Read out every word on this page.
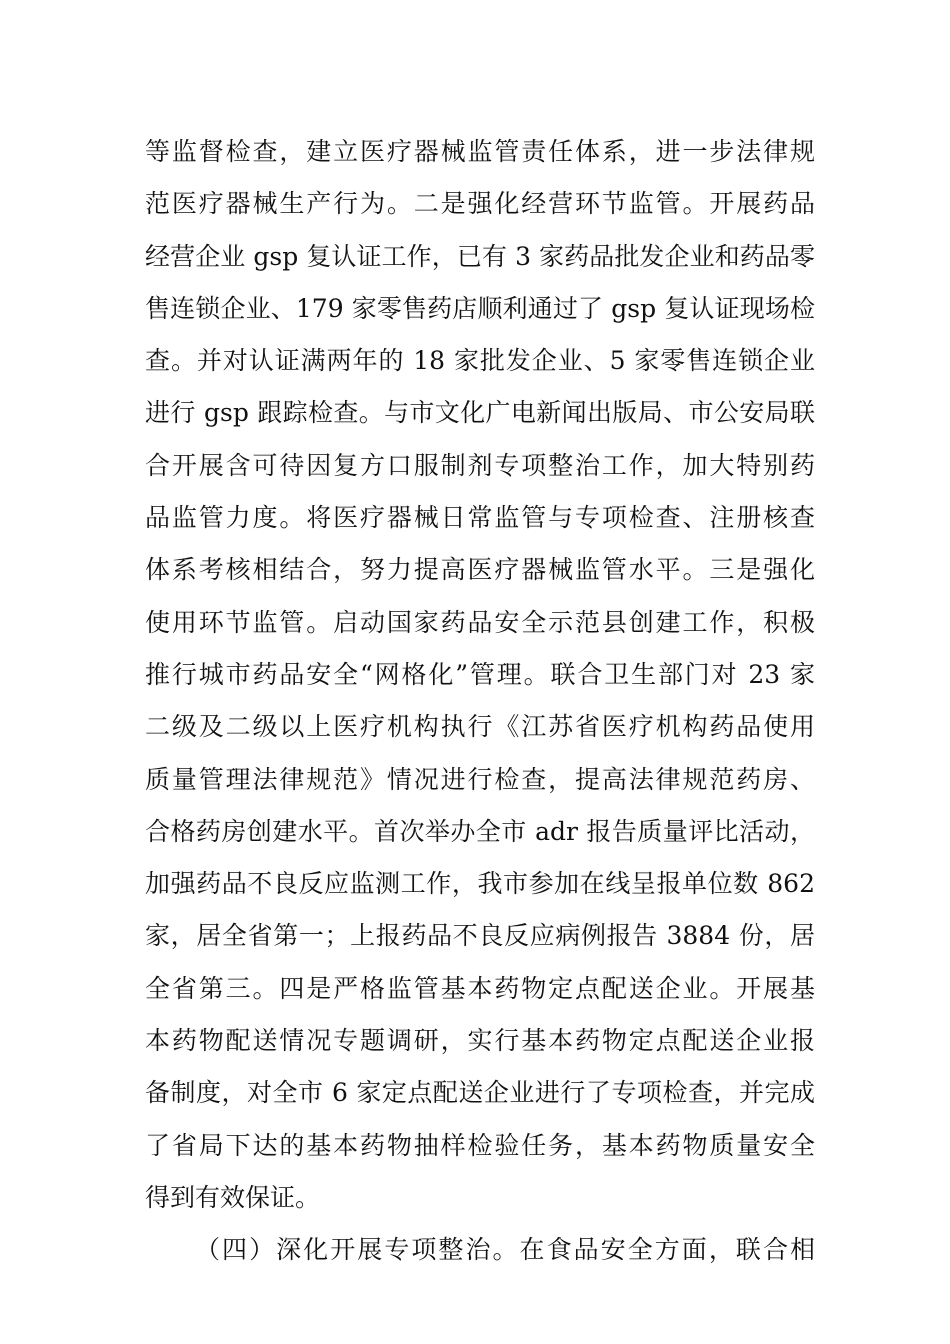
等监督检查，建立医疗器械监管责任体系，进一步法律规
范医疗器械生产行为。二是强化经营环节监管。开展药品
经营企业 gsp 复认证工作，已有 3 家药品批发企业和药品零
售连锁企业、179 家零售药店顺利通过了 gsp 复认证现场检
查。并对认证满两年的 18 家批发企业、5 家零售连锁企业
进行 gsp 跟踪检查。与市文化广电新闻出版局、市公安局联
合开展含可待因复方口服制剂专项整治工作，加大特别药
品监管力度。将医疗器械日常监管与专项检查、注册核查
体系考核相结合，努力提高医疗器械监管水平。三是强化
使用环节监管。启动国家药品安全示范县创建工作，积极
推行城市药品安全“网格化”管理。联合卫生部门对 23 家
二级及二级以上医疗机构执行《江苏省医疗机构药品使用
质量管理法律规范》情况进行检查，提高法律规范药房、
合格药房创建水平。首次举办全市 adr 报告质量评比活动，
加强药品不良反应监测工作，我市参加在线呈报单位数 862
家，居全省第一；上报药品不良反应病例报告 3884 份，居
全省第三。四是严格监管基本药物定点配送企业。开展基
本药物配送情况专题调研，实行基本药物定点配送企业报
备制度，对全市 6 家定点配送企业进行了专项检查，并完成
了省局下达的基本药物抽样检验任务，基本药物质量安全
得到有效保证。
（四）深化开展专项整治。在食品安全方面，联合相
